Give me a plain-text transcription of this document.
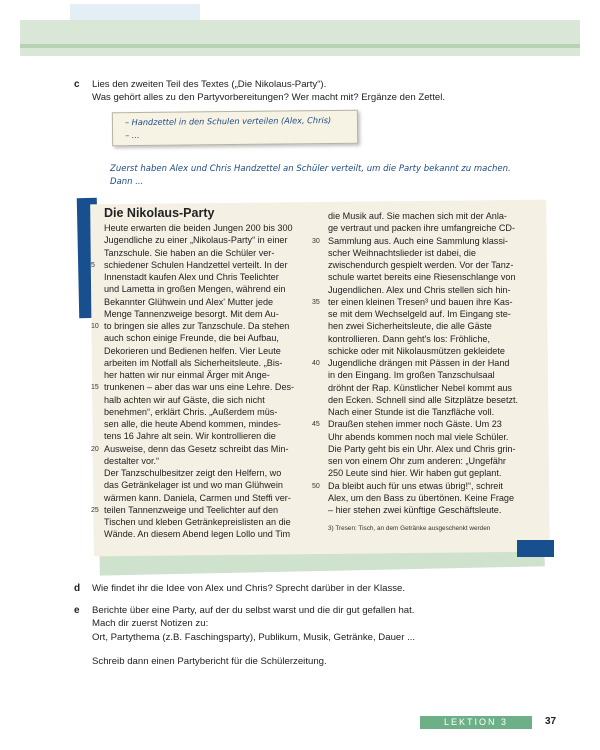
c Lies den zweiten Teil des Textes („Die Nikolaus-Party“).
Was gehört alles zu den Partyvorbereitungen? Wer macht mit? Ergänze den Zettel.
– Handzettel in den Schulen verteilen (Alex, Chris)
– ...
Zuerst haben Alex und Chris Handzettel an Schüler verteilt, um die Party bekannt zu machen.
Dann ...
Die Nikolaus-Party
Heute erwarten die beiden Jungen 200 bis 300
Jugendliche zu einer „Nikolaus-Party“ in einer
Tanzschule. Sie haben an die Schüler ver-
5 schiedener Schulen Handzettel verteilt. In der
Innenstadt kaufen Alex und Chris Teelichter
und Lametta in großen Mengen, während ein
Bekannter Glühwein und Alex' Mutter jede
Menge Tannenzweige besorgt. Mit dem Au-
10 to bringen sie alles zur Tanzschule. Da stehen
auch schon einige Freunde, die bei Aufbau,
Dekorieren und Bedienen helfen. Vier Leute
arbeiten im Notfall als Sicherheitsleute. „Bis-
her hatten wir nur einmal Ärger mit Ange-
15 trunkenen – aber das war uns eine Lehre. Des-
halb achten wir auf Gäste, die sich nicht
benehmen“, erklärt Chris. „Außerdem müs-
sen alle, die heute Abend kommen, mindes-
tens 16 Jahre alt sein. Wir kontrollieren die
20 Ausweise, denn das Gesetz schreibt das Min-
destalter vor.“
Der Tanzschulbesitzer zeigt den Helfern, wo
das Getränkelager ist und wo man Glühwein
wärmen kann. Daniela, Carmen und Steffi ver-
25 teilen Tannenzweige und Teelichter auf den
Tischen und kleben Getränkepreislisten an die
Wände. An diesem Abend legen Lollo und Tim
die Musik auf. Sie machen sich mit der Anla-
ge vertraut und packen ihre umfangreiche CD-
30 Sammlung aus. Auch eine Sammlung klassi-
scher Weihnachtslieder ist dabei, die
zwischendurch gespielt werden. Vor der Tanz-
schule wartet bereits eine Riesenschlange von
Jugendlichen. Alex und Chris stellen sich hin-
35 ter einen kleinen Tresen³ und bauen ihre Kas-
se mit dem Wechselgeld auf. Im Eingang ste-
hen zwei Sicherheitsleute, die alle Gäste
kontrollieren. Dann geht's los: Fröhliche,
schicke oder mit Nikolausmützen gekleidete
40 Jugendliche drängen mit Pässen in der Hand
in den Eingang. Im großen Tanzschulsaal
dröhnt der Rap. Künstlicher Nebel kommt aus
den Ecken. Schnell sind alle Sitzplätze besetzt.
Nach einer Stunde ist die Tanzfläche voll.
45 Draußen stehen immer noch Gäste. Um 23
Uhr abends kommen noch mal viele Schüler.
Die Party geht bis ein Uhr. Alex und Chris grin-
sen von einem Ohr zum anderen: „Ungefähr
250 Leute sind hier. Wir haben gut geplant.
50 Da bleibt auch für uns etwas übrig!“, schreit
Alex, um den Bass zu übertönen. Keine Frage
– hier stehen zwei künftige Geschäftsleute.
3) Tresen: Tisch, an dem Getränke ausgeschenkt werden
d Wie findet ihr die Idee von Alex und Chris? Sprecht darüber in der Klasse.
e Berichte über eine Party, auf der du selbst warst und die dir gut gefallen hat.
Mach dir zuerst Notizen zu:
Ort, Partythema (z.B. Faschingsparty), Publikum, Musik, Getränke, Dauer ...
Schreib dann einen Partybericht für die Schülerzeitung.
LEKTION 3	37
